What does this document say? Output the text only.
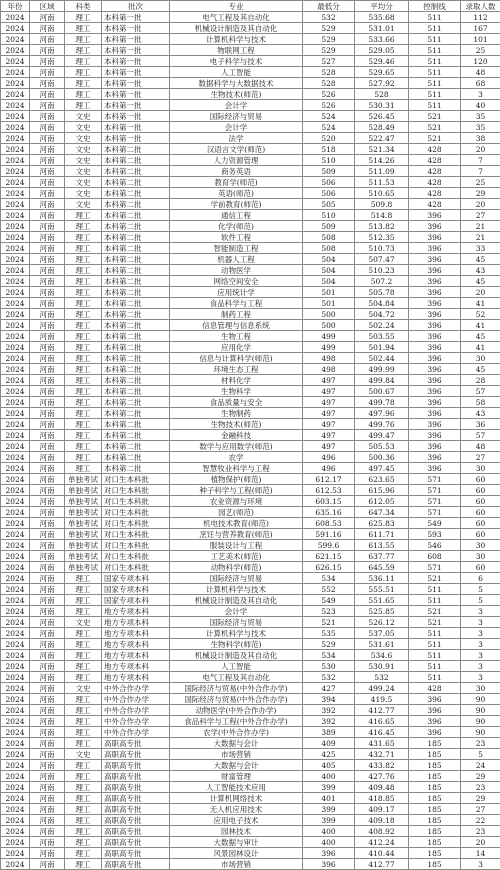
年份	区域	科类	批次	专业	最低分	平均分	控制线	录取人数
2024	河南	理工	本科第一批	电气工程及其自动化	532	535.68	511	112
2024	河南	理工	本科第一批	机械设计制造及其自动化	529	531.01	511	167
2024	河南	理工	本科第一批	计算机科学与技术	529	533.66	511	101
2024	河南	理工	本科第一批	物联网工程	529	529.05	511	25
2024	河南	理工	本科第一批	电子科学与技术	527	529.46	511	120
2024	河南	理工	本科第一批	人工智能	528	529.65	511	48
2024	河南	理工	本科第一批	数据科学与大数据技术	528	527.92	511	68
2024	河南	理工	本科第一批	生物技术(师范)	526	528	511	3
2024	河南	理工	本科第一批	会计学	526	530.31	511	40
2024	河南	文史	本科第一批	国际经济与贸易	524	526.45	521	35
2024	河南	文史	本科第一批	会计学	524	528.49	521	35
2024	河南	文史	本科第一批	法学	520	522.47	521	38
2024	河南	文史	本科第二批	汉语言文学(师范)	518	521.34	428	20
2024	河南	文史	本科第二批	人力资源管理	510	514.26	428	7
2024	河南	文史	本科第二批	商务英语	509	511.09	428	7
2024	河南	文史	本科第二批	教育学(师范)	506	511.53	428	25
2024	河南	文史	本科第二批	英语(师范)	506	510.65	428	29
2024	河南	文史	本科第二批	学前教育(师范)	505	509.8	428	20
2024	河南	理工	本科第二批	通信工程	510	514.8	396	27
2024	河南	理工	本科第二批	化学(师范)	509	513.82	396	21
2024	河南	理工	本科第二批	软件工程	508	512.35	396	21
2024	河南	理工	本科第二批	智能制造工程	508	510.73	396	33
2024	河南	理工	本科第二批	机器人工程	504	507.47	396	45
2024	河南	理工	本科第二批	动物医学	504	510.23	396	43
2024	河南	理工	本科第二批	网络空间安全	504	507.2	396	45
2024	河南	理工	本科第二批	应用统计学	501	505.78	396	20
2024	河南	理工	本科第二批	食品科学与工程	501	504.84	396	41
2024	河南	理工	本科第二批	制药工程	500	504.72	396	52
2024	河南	理工	本科第二批	信息管理与信息系统	500	502.24	396	41
2024	河南	理工	本科第二批	生物工程	499	503.55	396	45
2024	河南	理工	本科第二批	应用化学	499	501.94	396	41
2024	河南	理工	本科第二批	信息与计算科学(师范)	498	502.44	396	30
2024	河南	理工	本科第二批	环境生态工程	498	499.99	396	45
2024	河南	理工	本科第二批	材料化学	497	499.84	396	28
2024	河南	理工	本科第二批	生物科学	497	500.67	396	57
2024	河南	理工	本科第二批	食品质量与安全	497	499.78	396	58
2024	河南	理工	本科第二批	生物制药	497	497.96	396	43
2024	河南	理工	本科第二批	生物技术(师范)	497	499.76	396	36
2024	河南	理工	本科第二批	金融科技	497	499.47	396	57
2024	河南	理工	本科第二批	数学与应用数学(师范)	497	505.53	396	48
2024	河南	理工	本科第二批	农学	496	500.36	396	27
2024	河南	理工	本科第二批	智慧牧业科学与工程	496	497.45	396	30
2024	河南	单独考试	对口生本科批	植物保护(师范)	612.17	623.65	571	60
2024	河南	单独考试	对口生本科批	种子科学与工程(师范)	612.53	615.96	571	60
2024	河南	单独考试	对口生本科批	农业资源与环境	603.15	612.05	571	60
2024	河南	单独考试	对口生本科批	园艺(师范)	635.16	647.34	571	60
2024	河南	单独考试	对口生本科批	机电技术教育(师范)	608.53	625.83	549	60
2024	河南	单独考试	对口生本科批	烹饪与营养教育(师范)	591.16	611.71	593	60
2024	河南	单独考试	对口生本科批	服装设计与工程	599.6	613.55	546	30
2024	河南	单独考试	对口生本科批	工艺美术(师范)	621.15	637.77	608	30
2024	河南	单独考试	对口生本科批	动物科学(师范)	626.15	645.59	571	60
2024	河南	理工	国家专项本科	国际经济与贸易	534	536.11	521	6
2024	河南	理工	国家专项本科	计算机科学与技术	552	555.51	511	5
2024	河南	理工	国家专项本科	机械设计制造及其自动化	549	551.65	511	5
2024	河南	理工	地方专项本科	会计学	523	525.85	521	3
2024	河南	文史	地方专项本科	国际经济与贸易	521	526.12	521	3
2024	河南	理工	地方专项本科	计算机科学与技术	535	537.05	511	3
2024	河南	理工	地方专项本科	生物科学(师范)	529	531.61	511	3
2024	河南	理工	地方专项本科	机械设计制造及其自动化	534	534.6	511	3
2024	河南	理工	地方专项本科	人工智能	530	530.91	511	3
2024	河南	理工	地方专项本科	电气工程及其自动化	532	532	511	3
2024	河南	文史	中外合作办学	国际经济与贸易(中外合作办学)	427	499.24	428	30
2024	河南	理工	中外合作办学	国际经济与贸易(中外合作办学)	394	419.5	396	90
2024	河南	理工	中外合作办学	动物医学(中外合作办学)	392	412.77	396	90
2024	河南	理工	中外合作办学	食品科学与工程(中外合作办学)	392	416.65	396	90
2024	河南	理工	中外合作办学	农学(中外合作办学)	389	416.45	396	90
2024	河南	理工	高职高专批	大数据与会计	409	431.65	185	23
2024	河南	文史	高职高专批	市场营销	425	432.71	185	5
2024	河南	理工	高职高专批	大数据与会计	405	433.82	185	24
2024	河南	理工	高职高专批	财富管理	400	427.76	185	29
2024	河南	理工	高职高专批	人工智能技术应用	399	409.48	185	23
2024	河南	理工	高职高专批	计算机网络技术	401	418.85	185	29
2024	河南	理工	高职高专批	无人机应用技术	399	409.17	185	27
2024	河南	理工	高职高专批	应用电子技术	399	409.18	185	22
2024	河南	理工	高职高专批	园林技术	400	408.92	185	23
2024	河南	理工	高职高专批	大数据与审计	400	412.24	185	20
2024	河南	理工	高职高专批	风景园林设计	396	410.44	185	14
2024	河南	理工	高职高专批	市场营销	396	412.77	185	3
